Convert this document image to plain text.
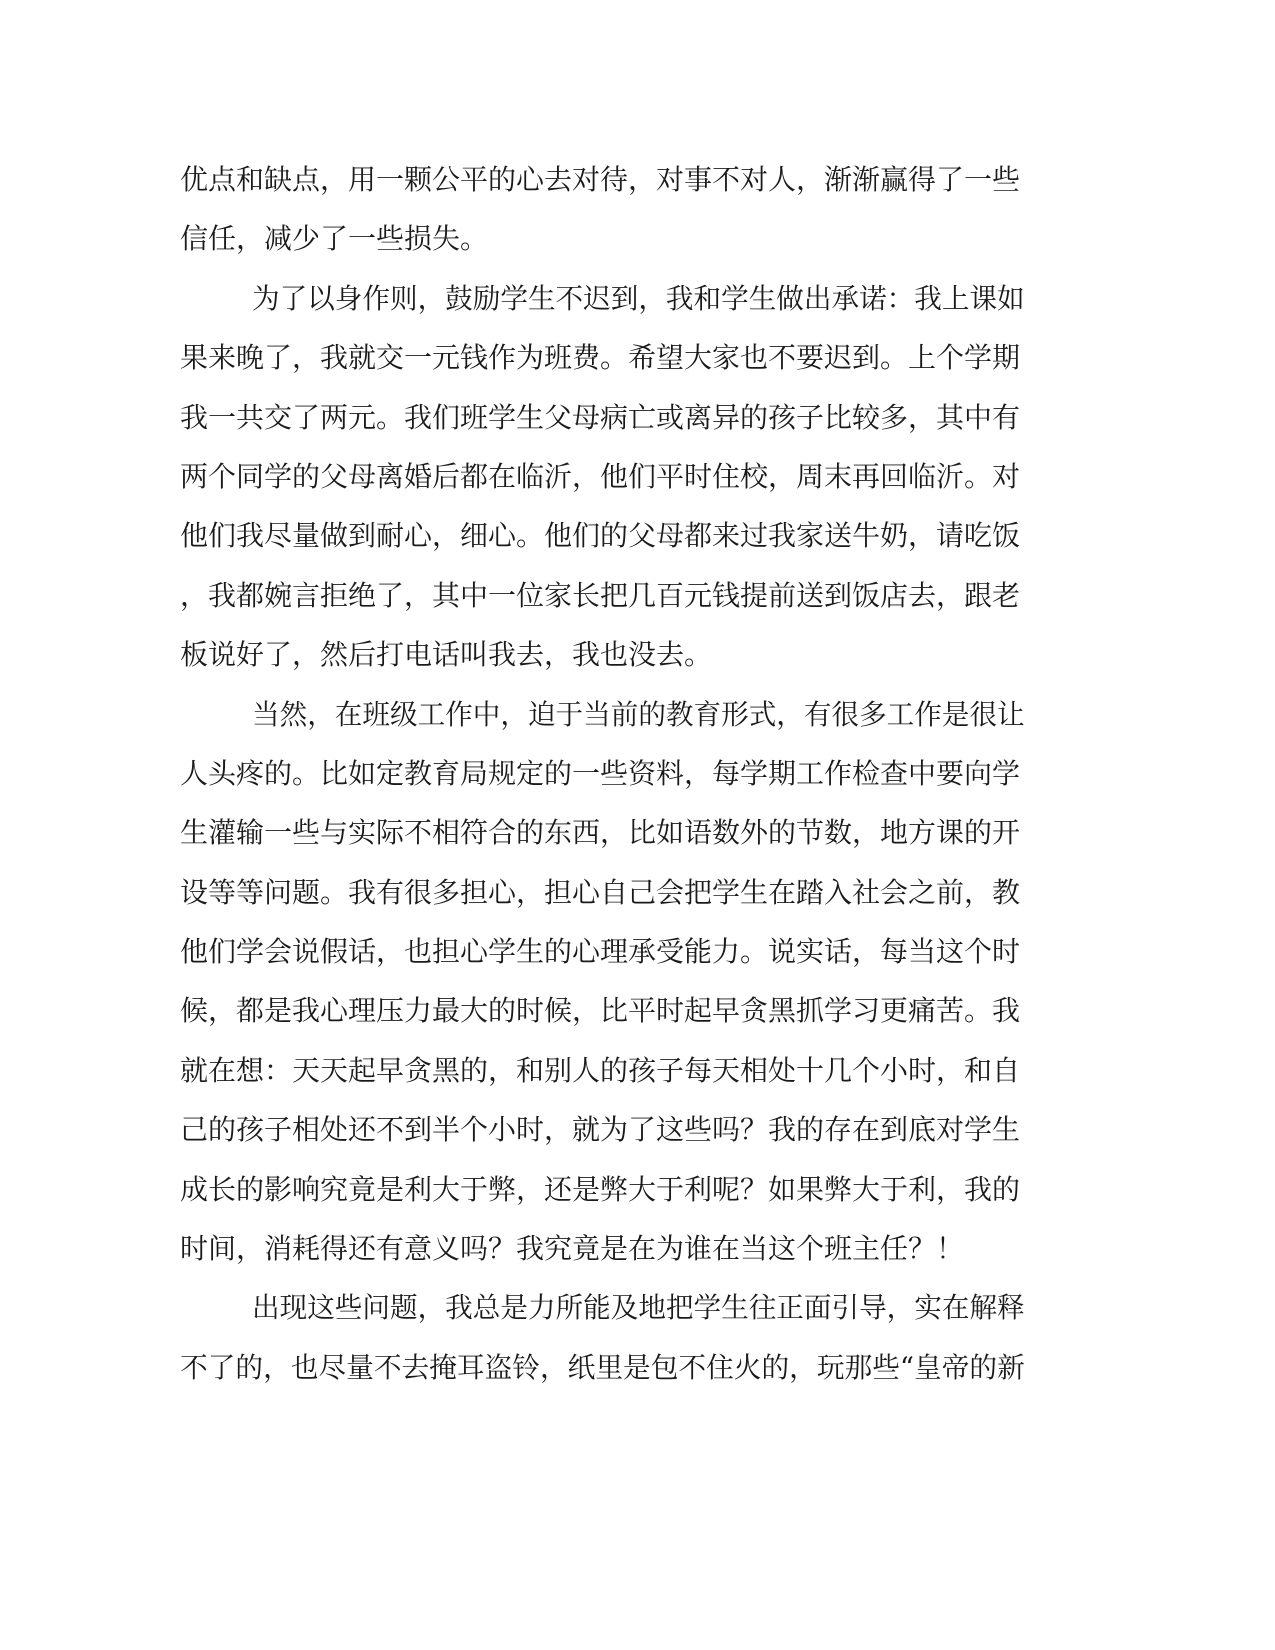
优点和缺点，用一颗公平的心去对待，对事不对人，渐渐赢得了一些
信任，减少了一些损失。
为了以身作则，鼓励学生不迟到，我和学生做出承诺：我上课如
果来晚了，我就交一元钱作为班费。希望大家也不要迟到。上个学期
我一共交了两元。我们班学生父母病亡或离异的孩子比较多，其中有
两个同学的父母离婚后都在临沂，他们平时住校，周末再回临沂。对
他们我尽量做到耐心，细心。他们的父母都来过我家送牛奶，请吃饭
，我都婉言拒绝了，其中一位家长把几百元钱提前送到饭店去，跟老
板说好了，然后打电话叫我去，我也没去。
当然，在班级工作中，迫于当前的教育形式，有很多工作是很让
人头疼的。比如定教育局规定的一些资料，每学期工作检查中要向学
生灌输一些与实际不相符合的东西，比如语数外的节数，地方课的开
设等等问题。我有很多担心，担心自己会把学生在踏入社会之前，教
他们学会说假话，也担心学生的心理承受能力。说实话，每当这个时
候，都是我心理压力最大的时候，比平时起早贪黑抓学习更痛苦。我
就在想：天天起早贪黑的，和别人的孩子每天相处十几个小时，和自
己的孩子相处还不到半个小时，就为了这些吗？我的存在到底对学生
成长的影响究竟是利大于弊，还是弊大于利呢？如果弊大于利，我的
时间，消耗得还有意义吗？我究竟是在为谁在当这个班主任？！
出现这些问题，我总是力所能及地把学生往正面引导，实在解释
不了的，也尽量不去掩耳盗铃，纸里是包不住火的，玩那些“皇帝的新
